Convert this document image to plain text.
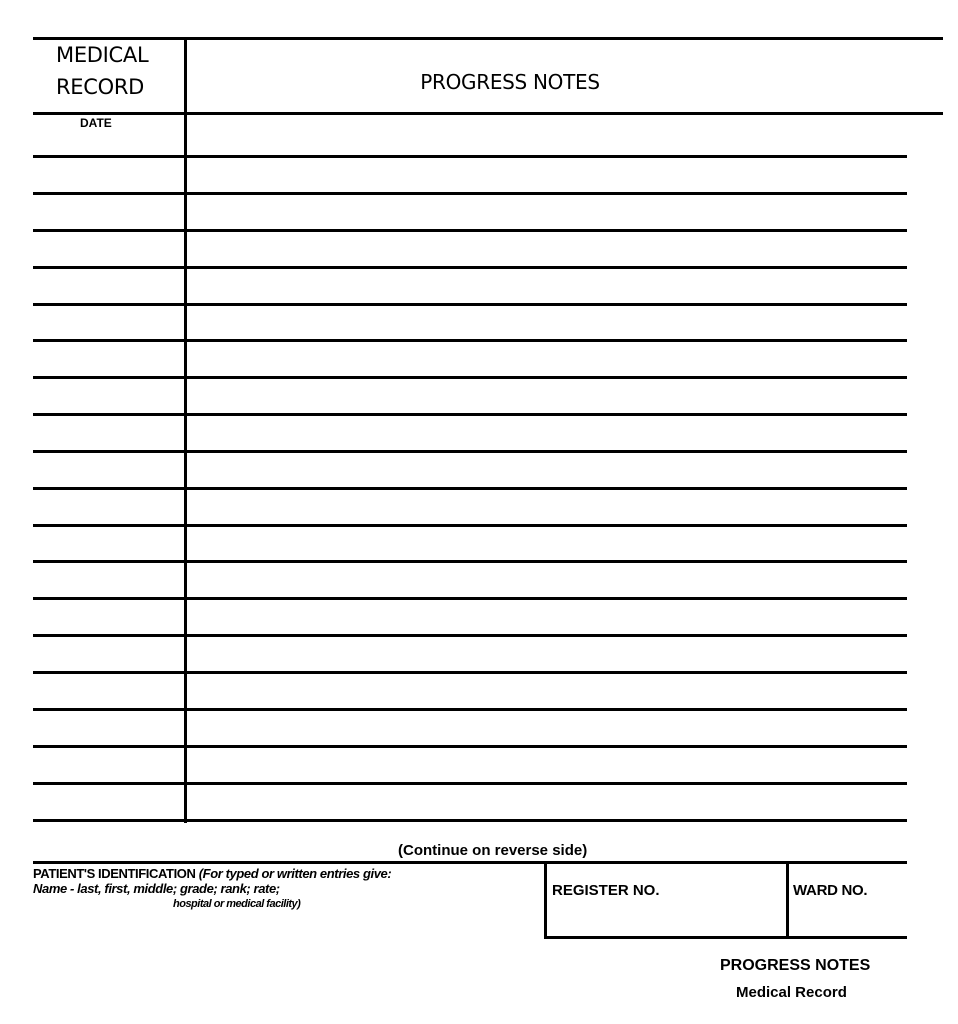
MEDICAL
RECORD	PROGRESS NOTES
DATE
(Continue on reverse side)
PATIENT'S IDENTIFICATION (For typed or written entries give:
Name - last, first, middle; grade; rank; rate;
hospital or medical facility)
REGISTER NO.	WARD NO.
PROGRESS NOTES
Medical Record
